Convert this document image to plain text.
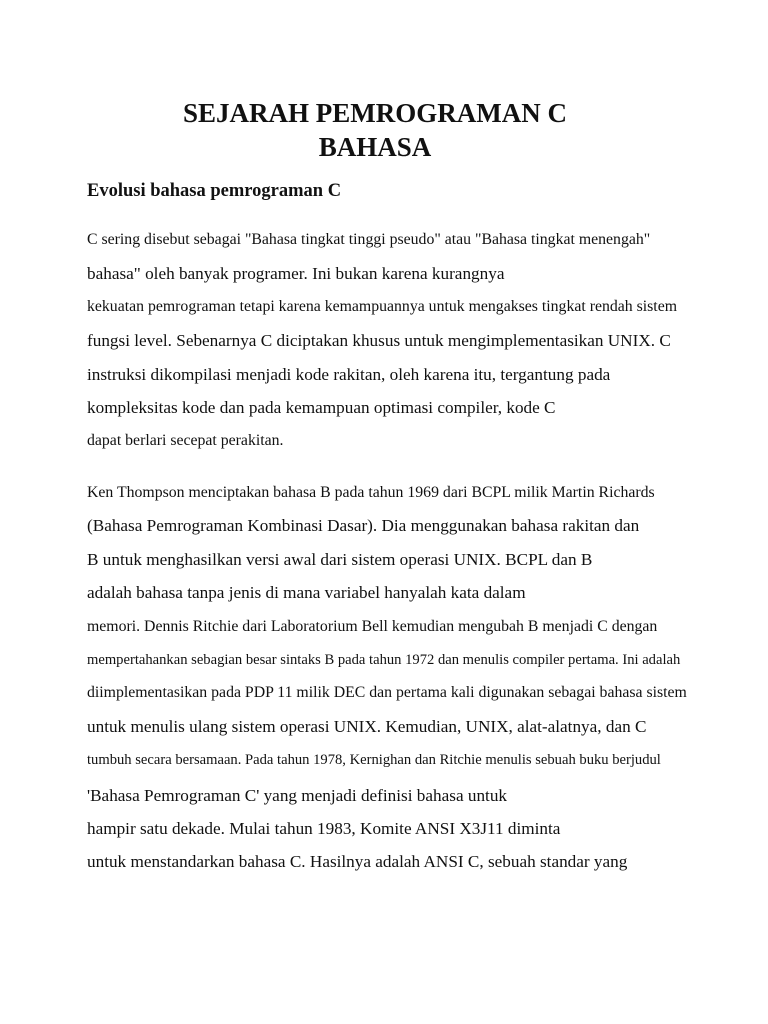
SEJARAH PEMROGRAMAN C
BAHASA
Evolusi bahasa pemrograman C

C sering disebut sebagai "Bahasa tingkat tinggi pseudo" atau "Bahasa tingkat menengah"

bahasa" oleh banyak programer. Ini bukan karena kurangnya

kekuatan pemrograman tetapi karena kemampuannya untuk mengakses tingkat rendah sistem

fungsi level. Sebenarnya C diciptakan khusus untuk mengimplementasikan UNIX. C

instruksi dikompilasi menjadi kode rakitan, oleh karena itu, tergantung pada

kompleksitas kode dan pada kemampuan optimasi compiler, kode C

dapat berlari secepat perakitan.

Ken Thompson menciptakan bahasa B pada tahun 1969 dari BCPL milik Martin Richards

(Bahasa Pemrograman Kombinasi Dasar). Dia menggunakan bahasa rakitan dan

B untuk menghasilkan versi awal dari sistem operasi UNIX. BCPL dan B

adalah bahasa tanpa jenis di mana variabel hanyalah kata dalam

memori. Dennis Ritchie dari Laboratorium Bell kemudian mengubah B menjadi C dengan

mempertahankan sebagian besar sintaks B pada tahun 1972 dan menulis compiler pertama. Ini adalah

diimplementasikan pada PDP 11 milik DEC dan pertama kali digunakan sebagai bahasa sistem

untuk menulis ulang sistem operasi UNIX. Kemudian, UNIX, alat-alatnya, dan C

tumbuh secara bersamaan. Pada tahun 1978, Kernighan dan Ritchie menulis sebuah buku berjudul

'Bahasa Pemrograman C' yang menjadi definisi bahasa untuk

hampir satu dekade. Mulai tahun 1983, Komite ANSI X3J11 diminta

untuk menstandarkan bahasa C. Hasilnya adalah ANSI C, sebuah standar yang
